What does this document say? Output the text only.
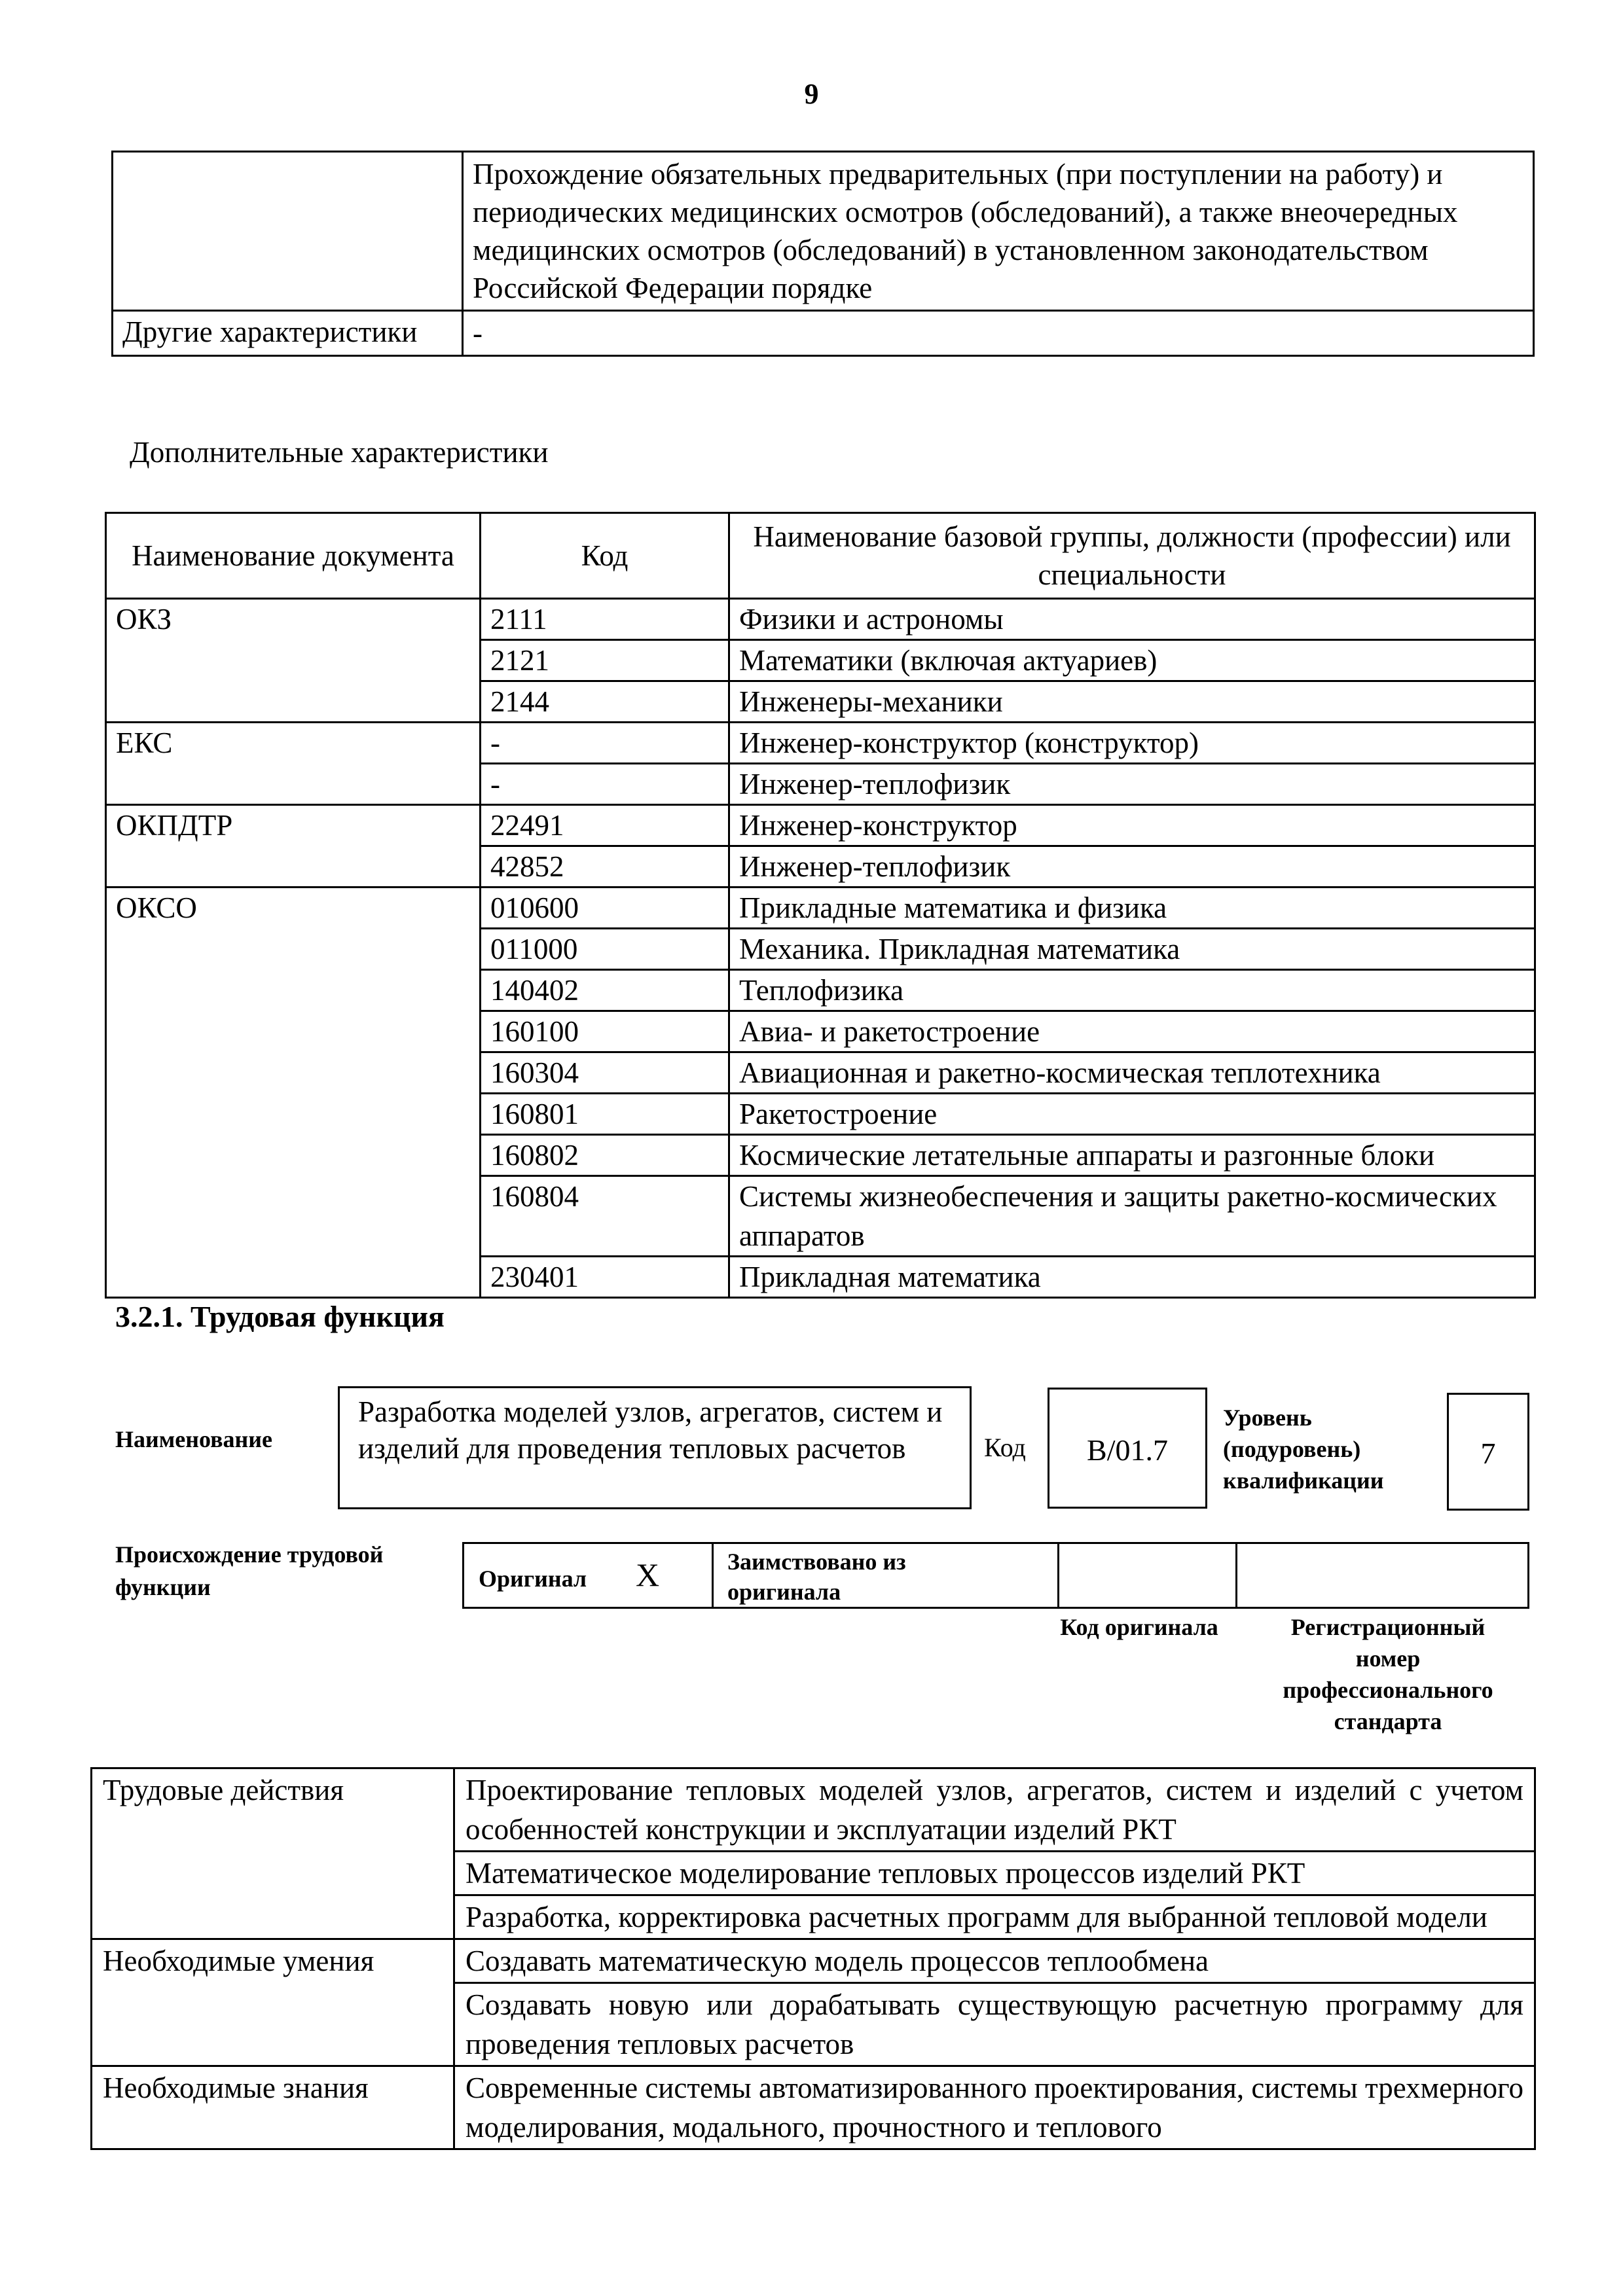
9
	Прохождение обязательных предварительных (при поступлении на работу) и периодических медицинских осмотров (обследований), а также внеочередных медицинских осмотров (обследований) в установленном законодательством Российской Федерации порядке
Другие характеристики	-
Дополнительные характеристики
Наименование документа	Код	Наименование базовой группы, должности (профессии) или специальности
ОКЗ	2111	Физики и астрономы
	2121	Математики (включая актуариев)
	2144	Инженеры-механики
ЕКС	-	Инженер-конструктор (конструктор)
	-	Инженер-теплофизик
ОКПДТР	22491	Инженер-конструктор
	42852	Инженер-теплофизик
ОКСО	010600	Прикладные математика и физика
	011000	Механика. Прикладная математика
	140402	Теплофизика
	160100	Авиа- и ракетостроение
	160304	Авиационная и ракетно-космическая теплотехника
	160801	Ракетостроение
	160802	Космические летательные аппараты и разгонные блоки
	160804	Системы жизнеобеспечения и защиты ракетно-космических аппаратов
	230401	Прикладная математика
3.2.1. Трудовая функция
Наименование
Разработка моделей узлов, агрегатов, систем и изделий для проведения тепловых расчетов	Код	B/01.7
Уровень (подуровень) квалификации
7
Происхождение трудовой функции	Оригинал X	Заимствовано из оригинала
Код оригинала	Регистрационный номер профессионального стандарта
Трудовые действия	Проектирование тепловых моделей узлов, агрегатов, систем и изделий с учетом особенностей конструкции и эксплуатации изделий РКТ
	Математическое моделирование тепловых процессов изделий РКТ
	Разработка, корректировка расчетных программ для выбранной тепловой модели
Необходимые умения	Создавать математическую модель процессов теплообмена
	Создавать новую или дорабатывать существующую расчетную программу для проведения тепловых расчетов
Необходимые знания	Современные системы автоматизированного проектирования, системы трехмерного моделирования, модального, прочностного и теплового
